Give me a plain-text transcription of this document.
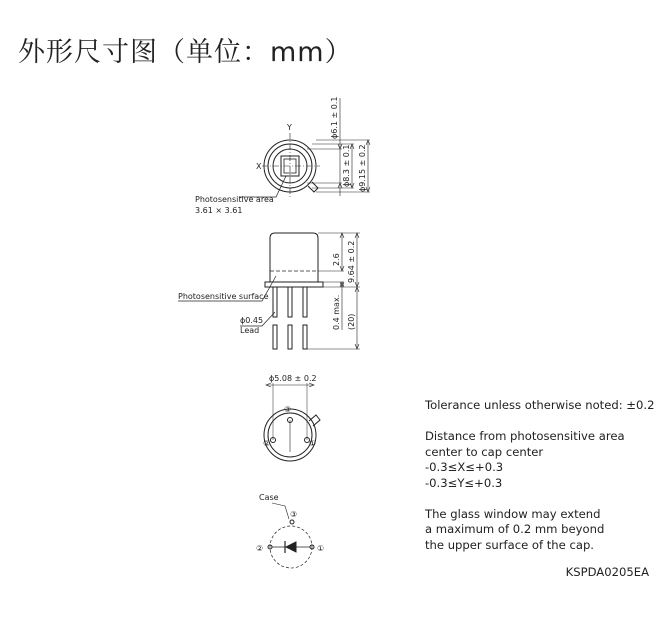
外形尺寸图（单位：mm）
Y
X
Photosensitive area
3.61 × 3.61
ϕ6.1 ± 0.1
ϕ8.3 ± 0.1 ϕ9.15 ± 0.2
Photosensitive surface
ϕ0.45
Lead
2.6 9.64 ± 0.2
0.4 max. (20)
ϕ5.08 ± 0.2
③
②	①
Case
③
②	①

Tolerance unless otherwise noted: ±0.2

Distance from photosensitive area
center to cap center
-0.3≤X≤+0.3
-0.3≤Y≤+0.3

The glass window may extend
a maximum of 0.2 mm beyond
the upper surface of the cap.

KSPDA0205EA
